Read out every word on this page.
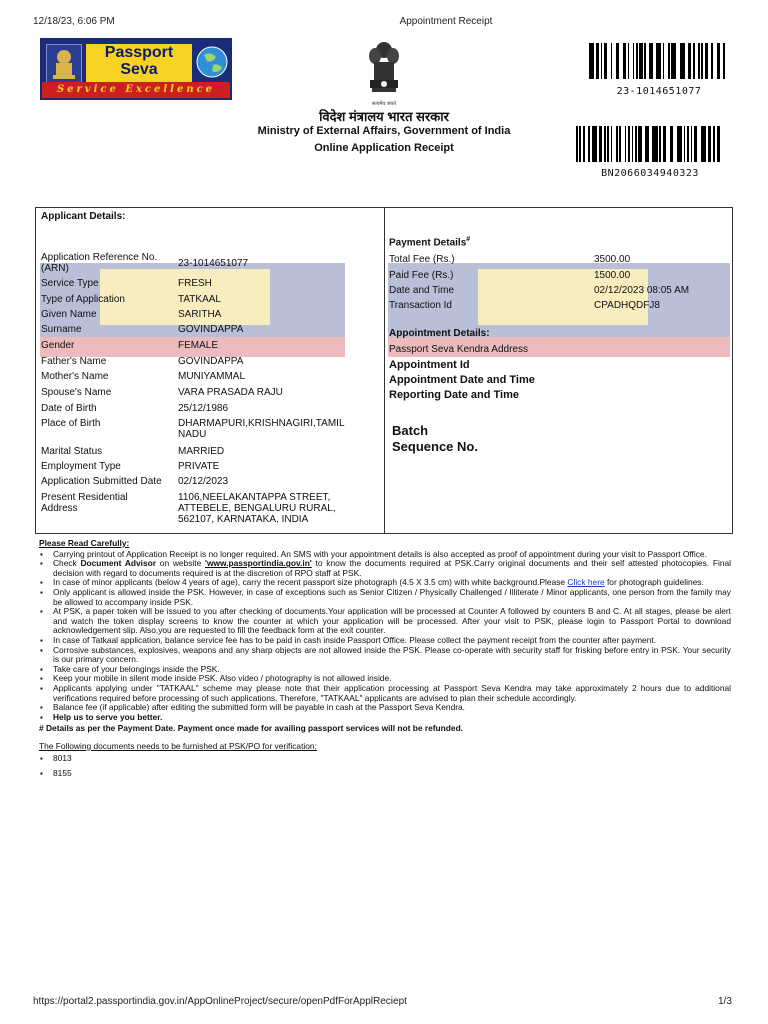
12/18/23, 6:06 PM	Appointment Receipt
Passport
Seva
Service Excellence
सत्यमेव जयते
विदेश मंत्रालय भारत सरकार
Ministry of External Affairs, Government of India
Online Application Receipt
23-1014651077
BN2066034940323
Applicant Details:
Application Reference No. (ARN)	23-1014651077
Service Type	FRESH
Type of Application	TATKAAL
Given Name	SARITHA
Surname	GOVINDAPPA
Gender	FEMALE
Father's Name	GOVINDAPPA
Mother's Name	MUNIYAMMAL
Spouse's Name	VARA PRASADA RAJU
Date of Birth	25/12/1986
Place of Birth	DHARMAPURI,KRISHNAGIRI,TAMIL NADU
Marital Status	MARRIED
Employment Type	PRIVATE
Application Submitted Date 02/12/2023
Present Residential Address
1106,NEELAKANTAPPA STREET, ATTEBELE, BENGALURU RURAL, 562107, KARNATAKA, INDIA
Payment Details#
Total Fee (Rs.)	3500.00
Paid Fee (Rs.)	1500.00
Date and Time	02/12/2023 08:05 AM
Transaction Id	CPADHQDFJ8
Appointment Details:
Passport Seva Kendra Address
Appointment Id
Appointment Date and Time
Reporting Date and Time
Batch
Sequence No.
Please Read Carefully:
▪ Carrying printout of Application Receipt is no longer required. An SMS with your appointment details is also accepted as proof of appointment during your visit to Passport Office.
▪ Check Document Advisor on website 'www.passportindia.gov.in' to know the documents required at PSK.Carry original documents and their self attested photocopies. Final decision with regard to documents required is at the discretion of RPO staff at PSK.
▪ In case of minor applicants (below 4 years of age), carry the recent passport size photograph (4.5 X 3.5 cm) with white background.Please Click here for photograph guidelines.
▪ Only applicant is allowed inside the PSK. However, in case of exceptions such as Senior Citizen / Physically Challenged / Illiterate / Minor applicants, one person from the family may be allowed to accompany inside PSK.
▪ At PSK, a paper token will be issued to you after checking of documents.Your application will be processed at Counter A followed by counters B and C. At all stages, please be alert and watch the token display screens to know the counter at which your application will be processed. After your visit to PSK, please login to Passport Portal to download acknowledgement slip. Also,you are requested to fill the feedback form at the exit counter.
▪ In case of Tatkaal application, balance service fee has to be paid in cash inside Passport Office. Please collect the payment receipt from the counter after payment.
▪ Corrosive substances, explosives, weapons and any sharp objects are not allowed inside the PSK. Please co-operate with security staff for frisking before entry in PSK. Your security is our primary concern.
▪ Take care of your belongings inside the PSK.
▪ Keep your mobile in silent mode inside PSK. Also video / photography is not allowed inside.
▪ Applicants applying under "TATKAAL" scheme may please note that their application processing at Passport Seva Kendra may take approximately 2 hours due to additional verifications required before processing of such applications. Therefore, "TATKAAL" applicants are advised to plan their schedule accordingly.
▪ Balance fee (if applicable) after editing the submitted form will be payable in cash at the Passport Seva Kendra.
▪ Help us to serve you better.
# Details as per the Payment Date. Payment once made for availing passport services will not be refunded.
The Following documents needs to be furnished at PSK/PO for verification:
▪ 8013
▪ 8155
https://portal2.passportindia.gov.in/AppOnlineProject/secure/openPdfForApplReciept	1/3
